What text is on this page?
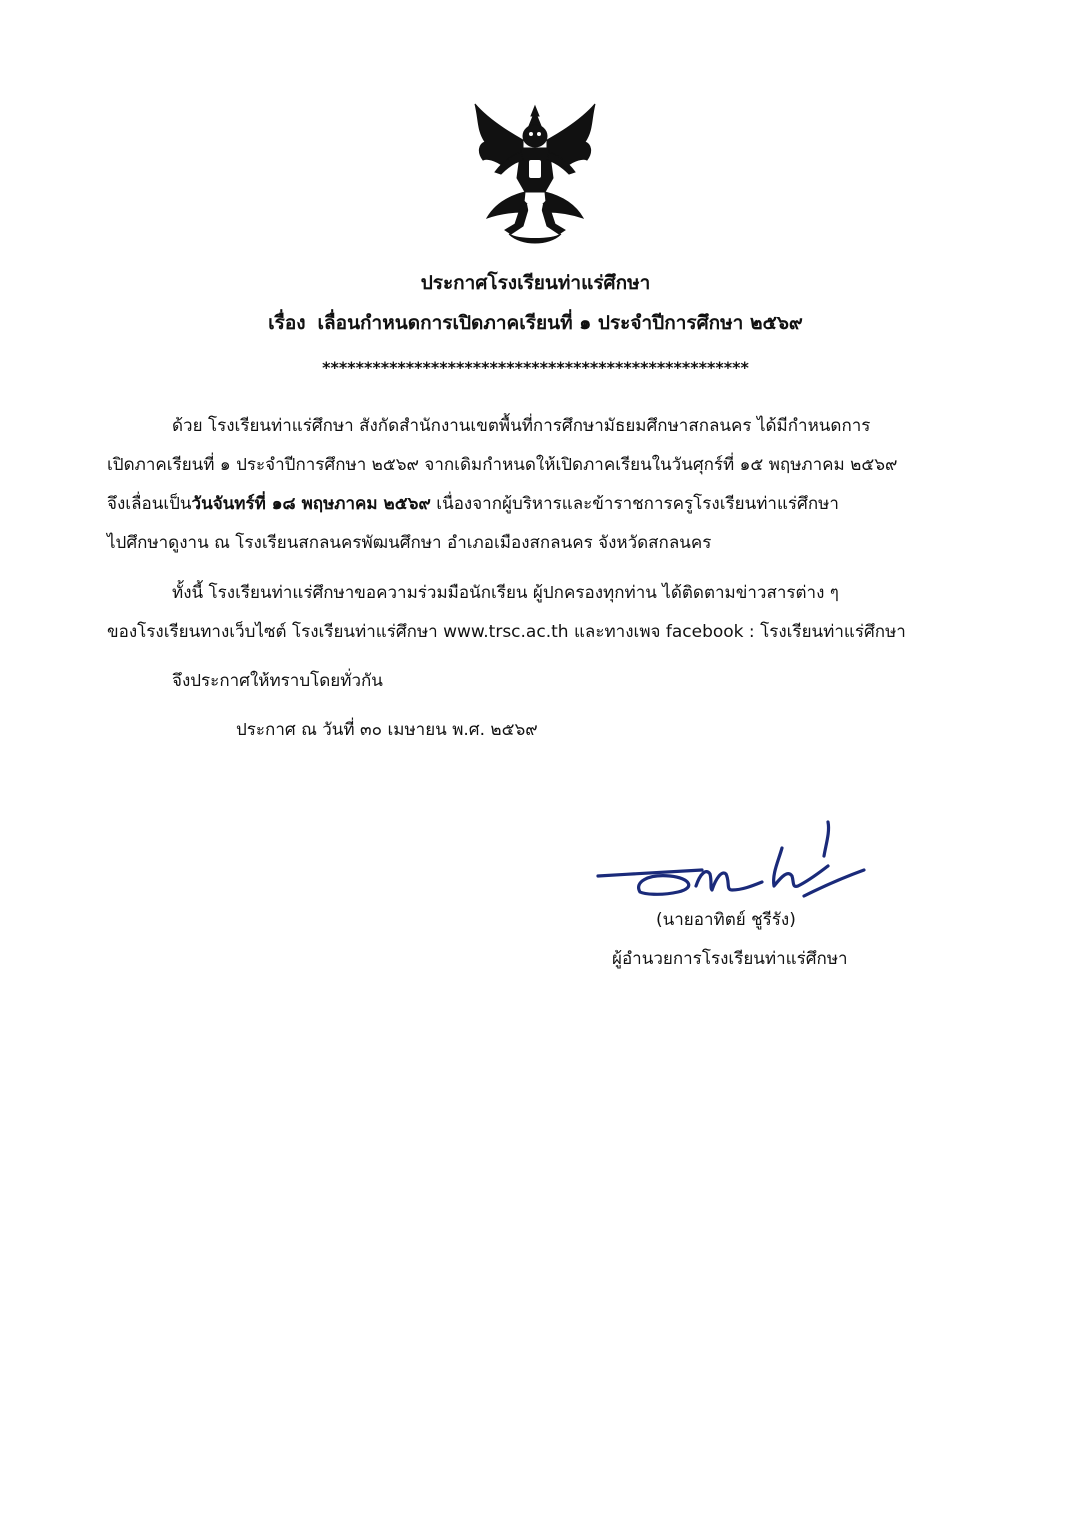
ประกาศโรงเรียนท่าแร่ศึกษา
เรื่อง เลื่อนกำหนดการเปิดภาคเรียนที่ ๑ ประจำปีการศึกษา ๒๕๖๙
***************************************************
ด้วย โรงเรียนท่าแร่ศึกษา สังกัดสำนักงานเขตพื้นที่การศึกษามัธยมศึกษาสกลนคร ได้มีกำหนดการ
เปิดภาคเรียนที่ ๑ ประจำปีการศึกษา ๒๕๖๙ จากเดิมกำหนดให้เปิดภาคเรียนในวันศุกร์ที่ ๑๕ พฤษภาคม ๒๕๖๙
จึงเลื่อนเป็นวันจันทร์ที่ ๑๘ พฤษภาคม ๒๕๖๙ เนื่องจากผู้บริหารและข้าราชการครูโรงเรียนท่าแร่ศึกษา
ไปศึกษาดูงาน ณ โรงเรียนสกลนครพัฒนศึกษา อำเภอเมืองสกลนคร จังหวัดสกลนคร
ทั้งนี้ โรงเรียนท่าแร่ศึกษาขอความร่วมมือนักเรียน ผู้ปกครองทุกท่าน ได้ติดตามข่าวสารต่าง ๆ
ของโรงเรียนทางเว็บไซต์ โรงเรียนท่าแร่ศึกษา www.trsc.ac.th และทางเพจ facebook : โรงเรียนท่าแร่ศึกษา
จึงประกาศให้ทราบโดยทั่วกัน
ประกาศ ณ วันที่ ๓๐ เมษายน พ.ศ. ๒๕๖๙
(นายอาทิตย์ ชูรีรัง)
ผู้อำนวยการโรงเรียนท่าแร่ศึกษา
